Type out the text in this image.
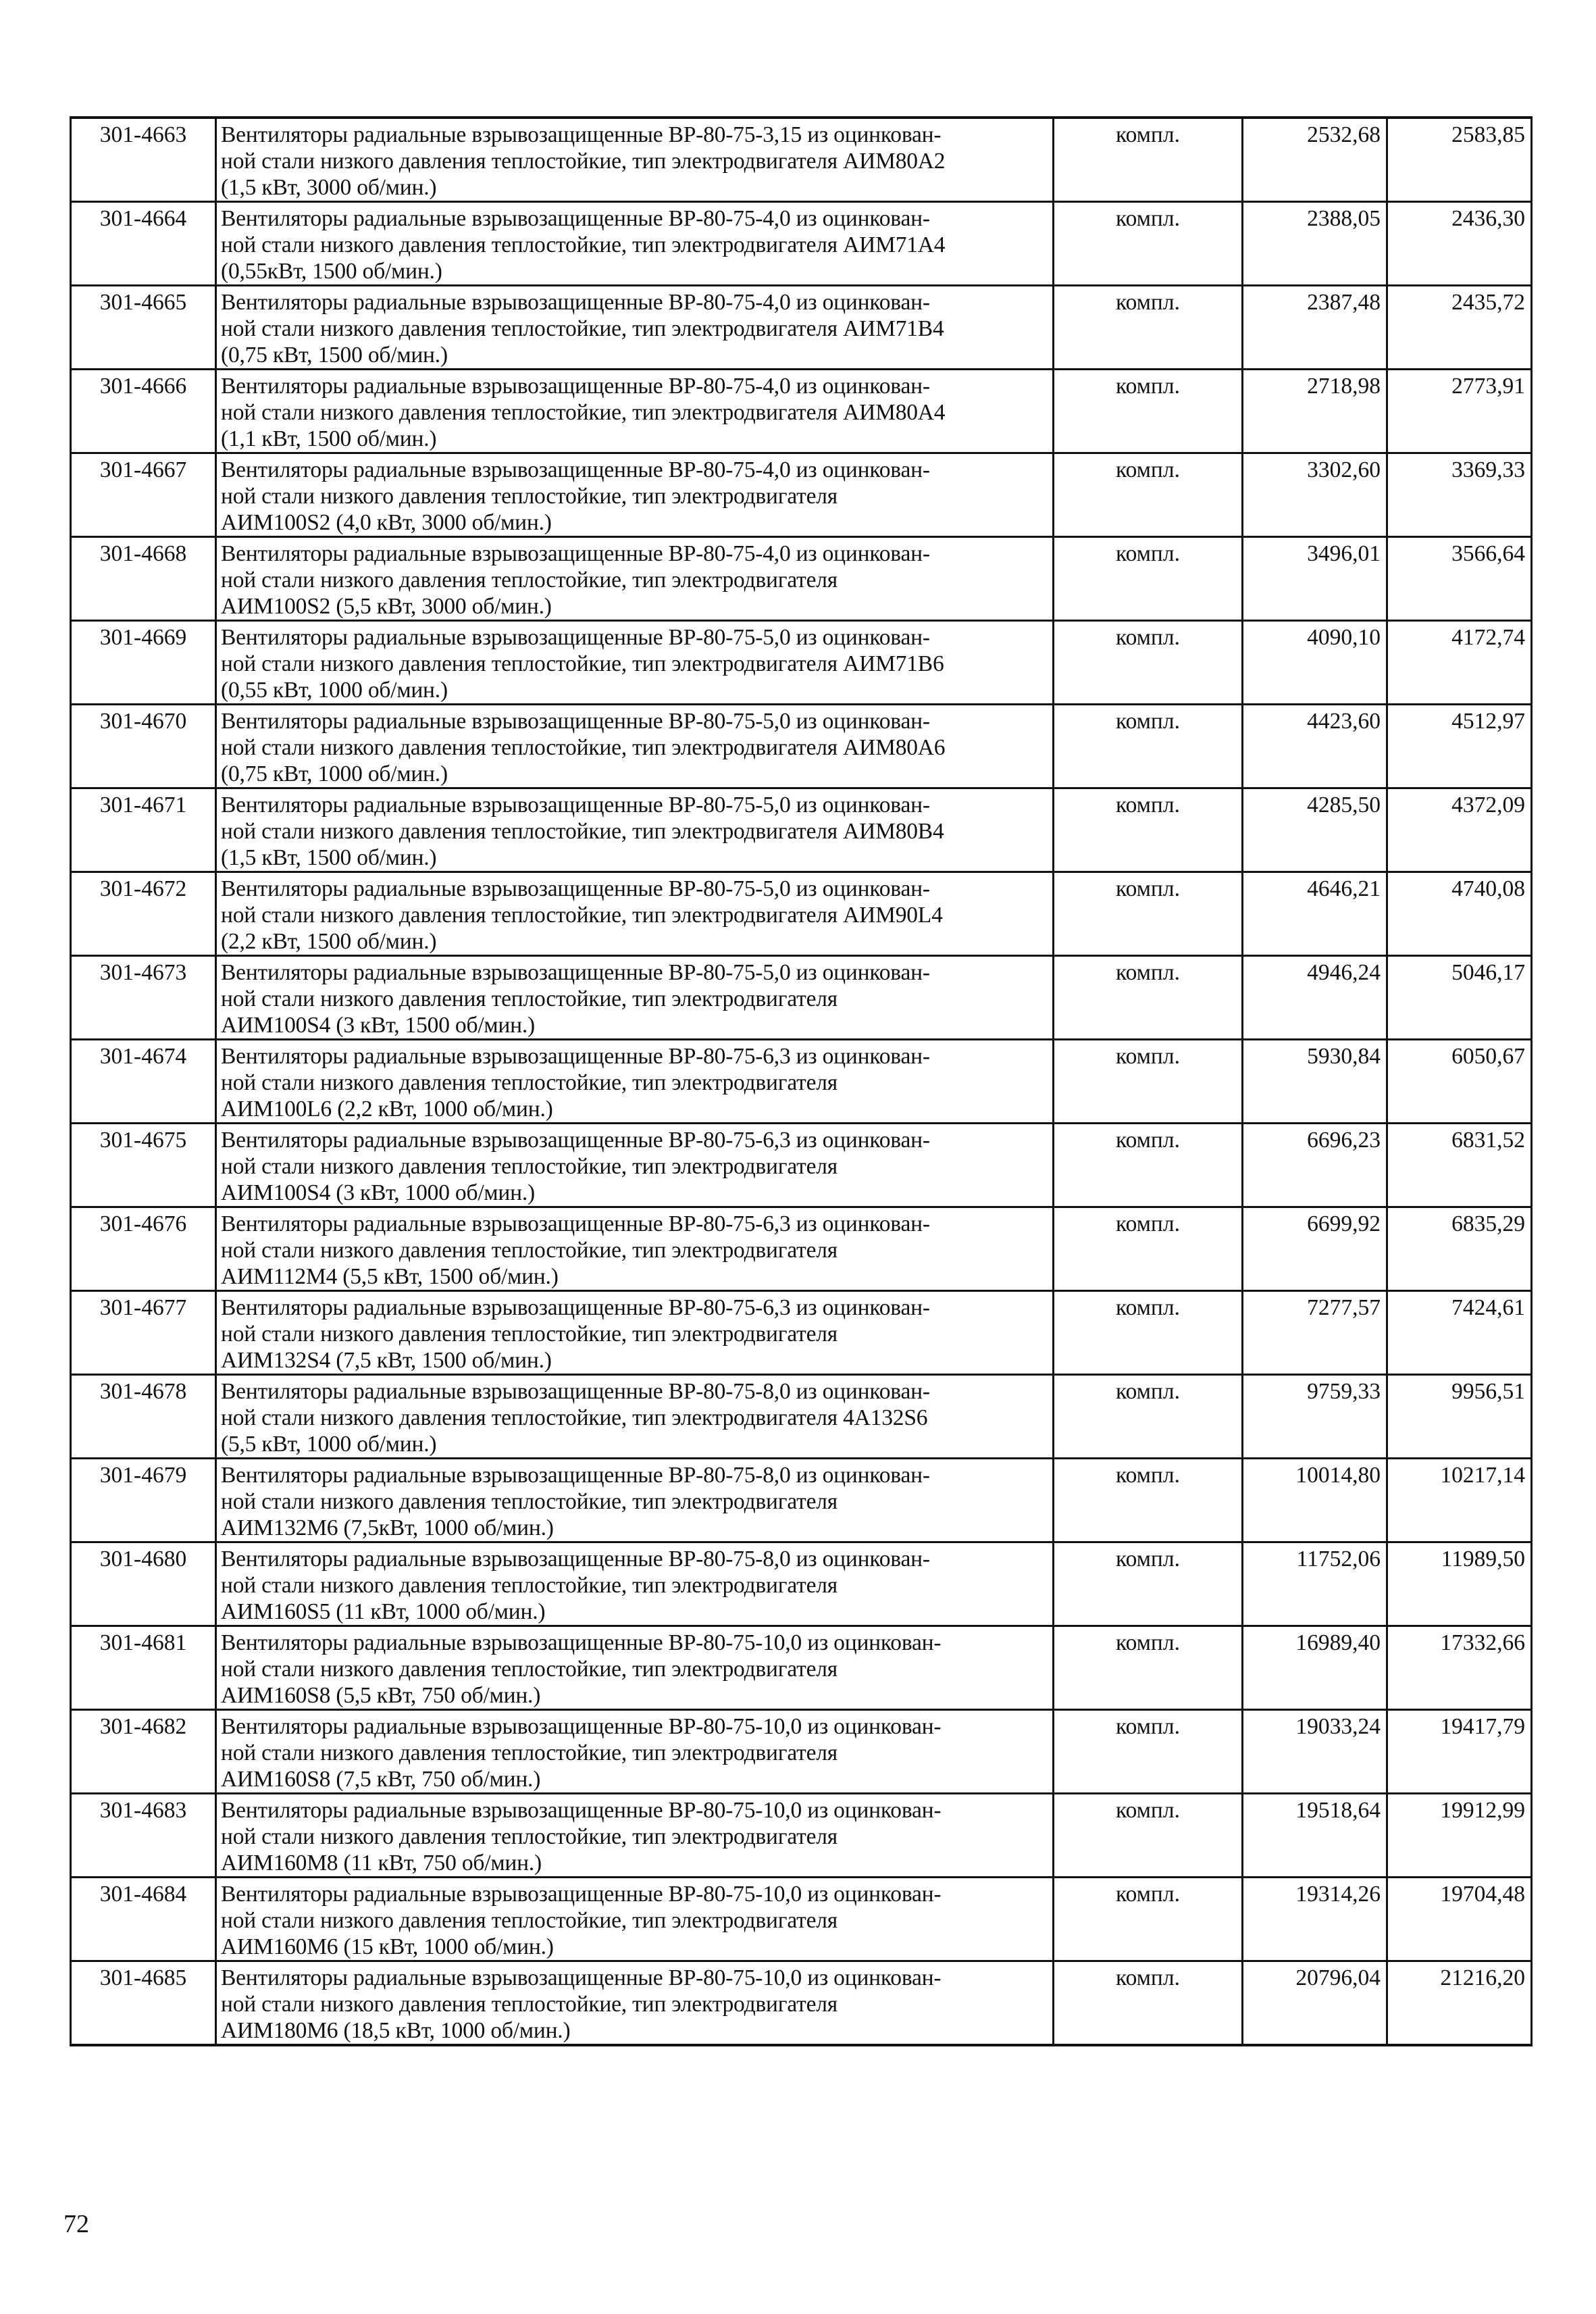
301-4663	Вентиляторы радиальные взрывозащищенные ВР-80-75-3,15 из оцинкован-
ной стали низкого давления теплостойкие, тип электродвигателя АИМ80А2
(1,5 кВт, 3000 об/мин.)	компл.	2532,68	2583,85
301-4664	Вентиляторы радиальные взрывозащищенные ВР-80-75-4,0 из оцинкован-
ной стали низкого давления теплостойкие, тип электродвигателя АИМ71А4
(0,55кВт, 1500 об/мин.)	компл.	2388,05	2436,30
301-4665	Вентиляторы радиальные взрывозащищенные ВР-80-75-4,0 из оцинкован-
ной стали низкого давления теплостойкие, тип электродвигателя АИМ71В4
(0,75 кВт, 1500 об/мин.)	компл.	2387,48	2435,72
301-4666	Вентиляторы радиальные взрывозащищенные ВР-80-75-4,0 из оцинкован-
ной стали низкого давления теплостойкие, тип электродвигателя АИМ80А4
(1,1 кВт, 1500 об/мин.)	компл.	2718,98	2773,91
301-4667	Вентиляторы радиальные взрывозащищенные ВР-80-75-4,0 из оцинкован-
ной стали низкого давления теплостойкие, тип электродвигателя
АИМ100S2 (4,0 кВт, 3000 об/мин.)	компл.	3302,60	3369,33
301-4668	Вентиляторы радиальные взрывозащищенные ВР-80-75-4,0 из оцинкован-
ной стали низкого давления теплостойкие, тип электродвигателя
АИМ100S2 (5,5 кВт, 3000 об/мин.)	компл.	3496,01	3566,64
301-4669	Вентиляторы радиальные взрывозащищенные ВР-80-75-5,0 из оцинкован-
ной стали низкого давления теплостойкие, тип электродвигателя АИМ71В6
(0,55 кВт, 1000 об/мин.)	компл.	4090,10	4172,74
301-4670	Вентиляторы радиальные взрывозащищенные ВР-80-75-5,0 из оцинкован-
ной стали низкого давления теплостойкие, тип электродвигателя АИМ80А6
(0,75 кВт, 1000 об/мин.)	компл.	4423,60	4512,97
301-4671	Вентиляторы радиальные взрывозащищенные ВР-80-75-5,0 из оцинкован-
ной стали низкого давления теплостойкие, тип электродвигателя АИМ80В4
(1,5 кВт, 1500 об/мин.)	компл.	4285,50	4372,09
301-4672	Вентиляторы радиальные взрывозащищенные ВР-80-75-5,0 из оцинкован-
ной стали низкого давления теплостойкие, тип электродвигателя АИМ90L4
(2,2 кВт, 1500 об/мин.)	компл.	4646,21	4740,08
301-4673	Вентиляторы радиальные взрывозащищенные ВР-80-75-5,0 из оцинкован-
ной стали низкого давления теплостойкие, тип электродвигателя
АИМ100S4 (3 кВт, 1500 об/мин.)	компл.	4946,24	5046,17
301-4674	Вентиляторы радиальные взрывозащищенные ВР-80-75-6,3 из оцинкован-
ной стали низкого давления теплостойкие, тип электродвигателя
АИМ100L6 (2,2 кВт, 1000 об/мин.)	компл.	5930,84	6050,67
301-4675	Вентиляторы радиальные взрывозащищенные ВР-80-75-6,3 из оцинкован-
ной стали низкого давления теплостойкие, тип электродвигателя
АИМ100S4 (3 кВт, 1000 об/мин.)	компл.	6696,23	6831,52
301-4676	Вентиляторы радиальные взрывозащищенные ВР-80-75-6,3 из оцинкован-
ной стали низкого давления теплостойкие, тип электродвигателя
АИМ112М4 (5,5 кВт, 1500 об/мин.)	компл.	6699,92	6835,29
301-4677	Вентиляторы радиальные взрывозащищенные ВР-80-75-6,3 из оцинкован-
ной стали низкого давления теплостойкие, тип электродвигателя
АИМ132S4 (7,5 кВт, 1500 об/мин.)	компл.	7277,57	7424,61
301-4678	Вентиляторы радиальные взрывозащищенные ВР-80-75-8,0 из оцинкован-
ной стали низкого давления теплостойкие, тип электродвигателя 4А132S6
(5,5 кВт, 1000 об/мин.)	компл.	9759,33	9956,51
301-4679	Вентиляторы радиальные взрывозащищенные ВР-80-75-8,0 из оцинкован-
ной стали низкого давления теплостойкие, тип электродвигателя
АИМ132М6 (7,5кВт, 1000 об/мин.)	компл.	10014,80	10217,14
301-4680	Вентиляторы радиальные взрывозащищенные ВР-80-75-8,0 из оцинкован-
ной стали низкого давления теплостойкие, тип электродвигателя
АИМ160S5 (11 кВт, 1000 об/мин.)	компл.	11752,06	11989,50
301-4681	Вентиляторы радиальные взрывозащищенные ВР-80-75-10,0 из оцинкован-
ной стали низкого давления теплостойкие, тип электродвигателя
АИМ160S8 (5,5 кВт, 750 об/мин.)	компл.	16989,40	17332,66
301-4682	Вентиляторы радиальные взрывозащищенные ВР-80-75-10,0 из оцинкован-
ной стали низкого давления теплостойкие, тип электродвигателя
АИМ160S8 (7,5 кВт, 750 об/мин.)	компл.	19033,24	19417,79
301-4683	Вентиляторы радиальные взрывозащищенные ВР-80-75-10,0 из оцинкован-
ной стали низкого давления теплостойкие, тип электродвигателя
АИМ160М8 (11 кВт, 750 об/мин.)	компл.	19518,64	19912,99
301-4684	Вентиляторы радиальные взрывозащищенные ВР-80-75-10,0 из оцинкован-
ной стали низкого давления теплостойкие, тип электродвигателя
АИМ160М6 (15 кВт, 1000 об/мин.)	компл.	19314,26	19704,48
301-4685	Вентиляторы радиальные взрывозащищенные ВР-80-75-10,0 из оцинкован-
ной стали низкого давления теплостойкие, тип электродвигателя
АИМ180М6 (18,5 кВт, 1000 об/мин.)	компл.	20796,04	21216,20
72
